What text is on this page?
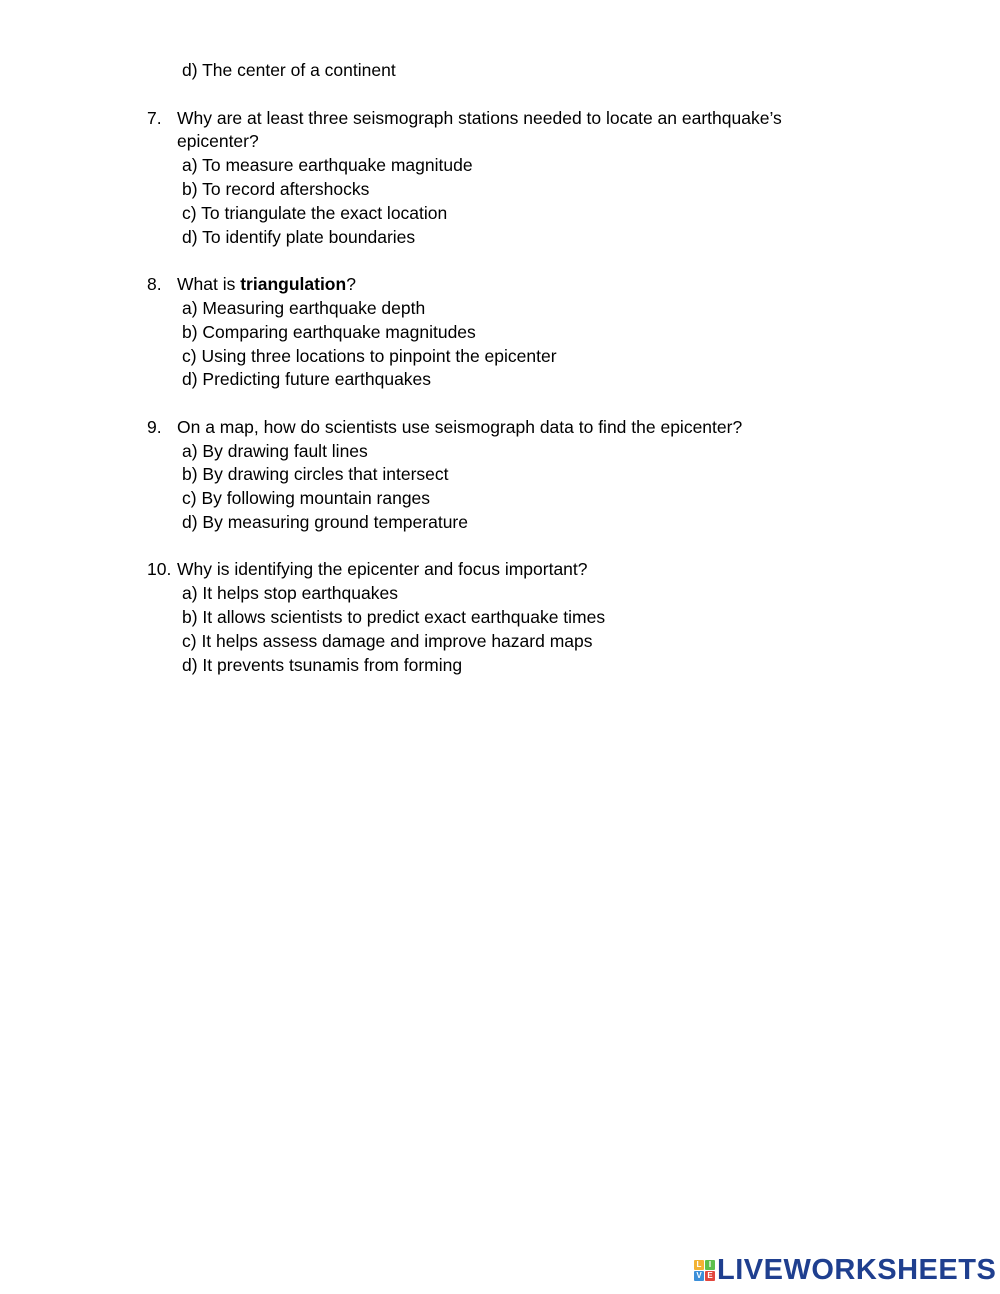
d) The center of a continent
7. Why are at least three seismograph stations needed to locate an earthquake’s
epicenter?
a) To measure earthquake magnitude
b) To record aftershocks
c) To triangulate the exact location
d) To identify plate boundaries
8. What is triangulation?
a) Measuring earthquake depth
b) Comparing earthquake magnitudes
c) Using three locations to pinpoint the epicenter
d) Predicting future earthquakes
9. On a map, how do scientists use seismograph data to find the epicenter?
a) By drawing fault lines
b) By drawing circles that intersect
c) By following mountain ranges
d) By measuring ground temperature
10. Why is identifying the epicenter and focus important?
a) It helps stop earthquakes
b) It allows scientists to predict exact earthquake times
c) It helps assess damage and improve hazard maps
d) It prevents tsunamis from forming
L I
V E LIVEWORKSHEETS
